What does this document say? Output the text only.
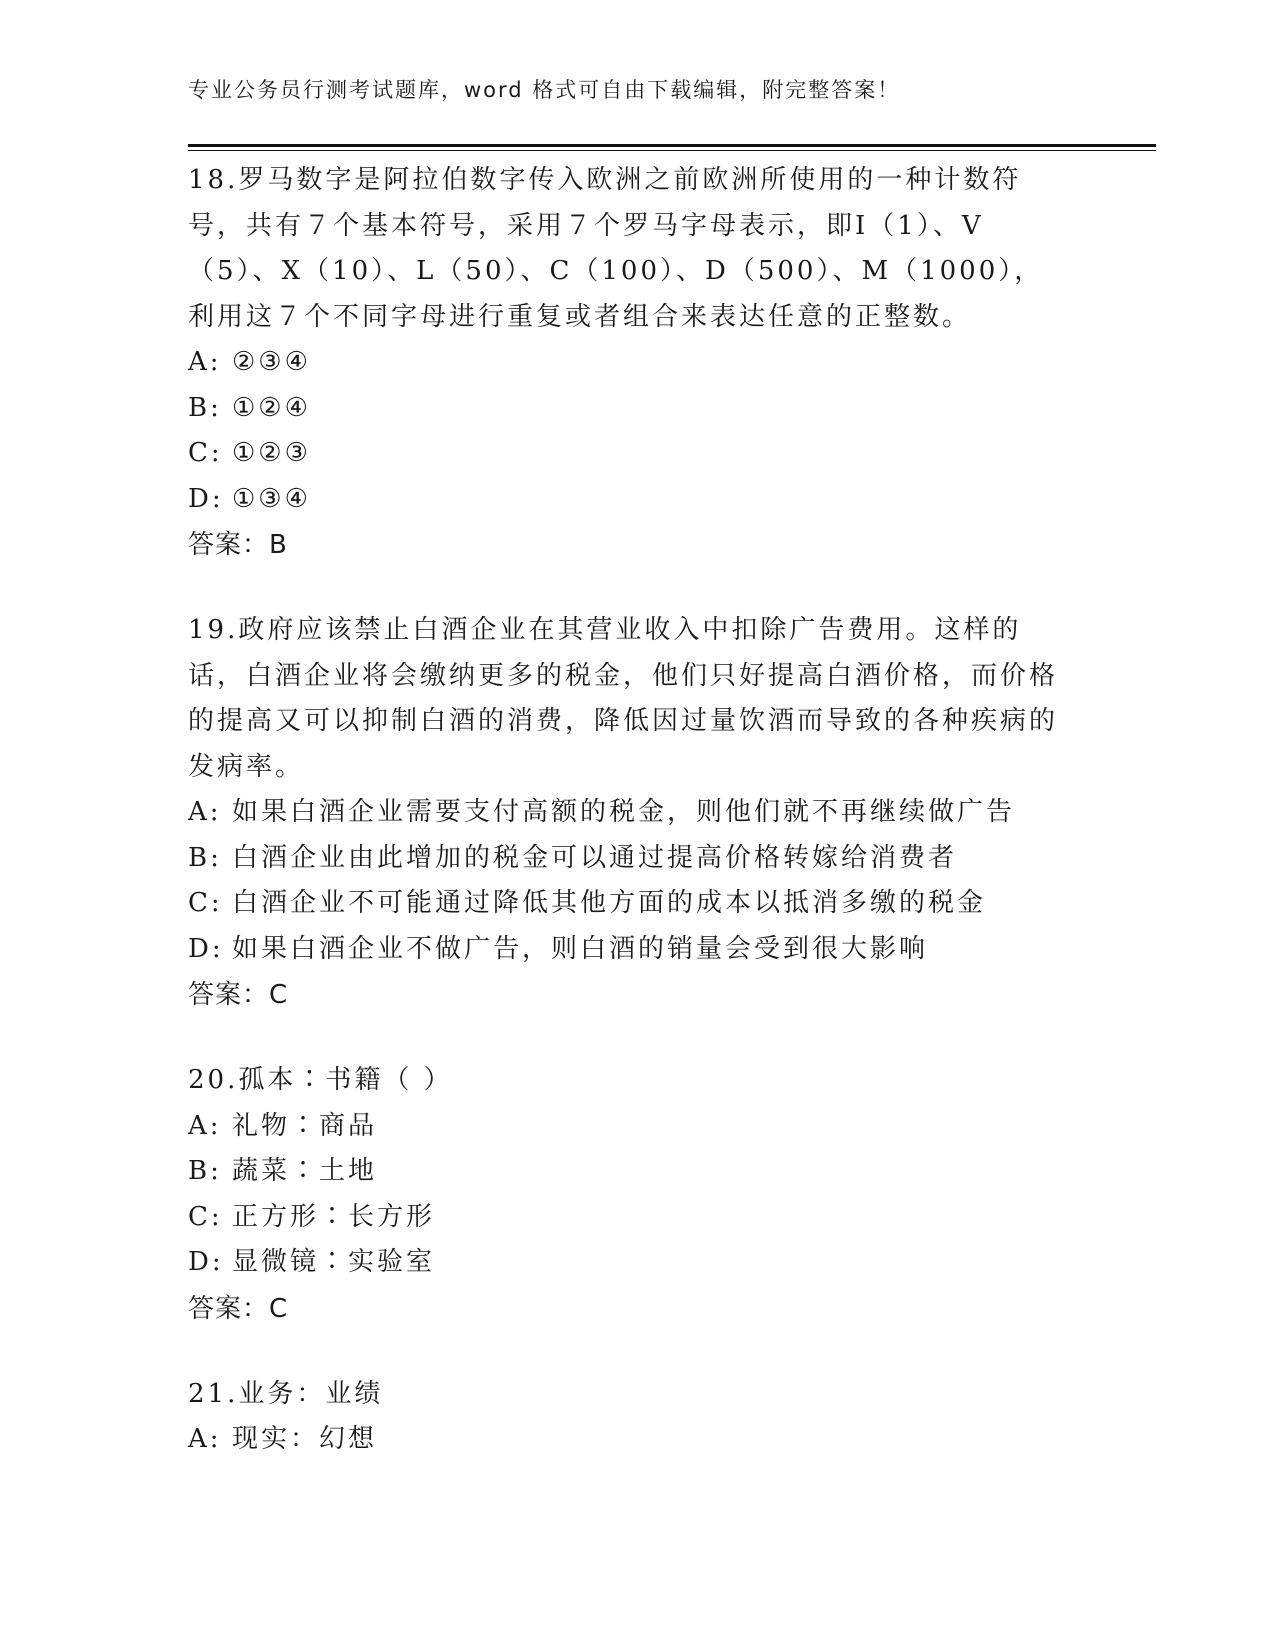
专业公务员行测考试题库，word 格式可自由下载编辑，附完整答案！

18.罗马数字是阿拉伯数字传入欧洲之前欧洲所使用的一种计数符号，共有７个基本符号，采用７个罗马字母表示，即Ⅰ（1）、Ⅴ（5）、Ⅹ（10）、L（50）、C（100）、D（500）、M（1000），利用这７个不同字母进行重复或者组合来表达任意的正整数。

A: ②③④

B: ①②④

C: ①②③

D: ①③④

答案：B

19.政府应该禁止白酒企业在其营业收入中扣除广告费用。这样的话，白酒企业将会缴纳更多的税金，他们只好提高白酒价格，而价格的提高又可以抑制白酒的消费，降低因过量饮酒而导致的各种疾病的发病率。

A: 如果白酒企业需要支付高额的税金，则他们就不再继续做广告

B: 白酒企业由此增加的税金可以通过提高价格转嫁给消费者

C: 白酒企业不可能通过降低其他方面的成本以抵消多缴的税金

D: 如果白酒企业不做广告，则白酒的销量会受到很大影响

答案：C

20.孤本∶书籍（ ）

A: 礼物∶商品

B: 蔬菜∶土地

C: 正方形∶长方形

D: 显微镜∶实验室

答案：C

21.业务：业绩

A: 现实：幻想
